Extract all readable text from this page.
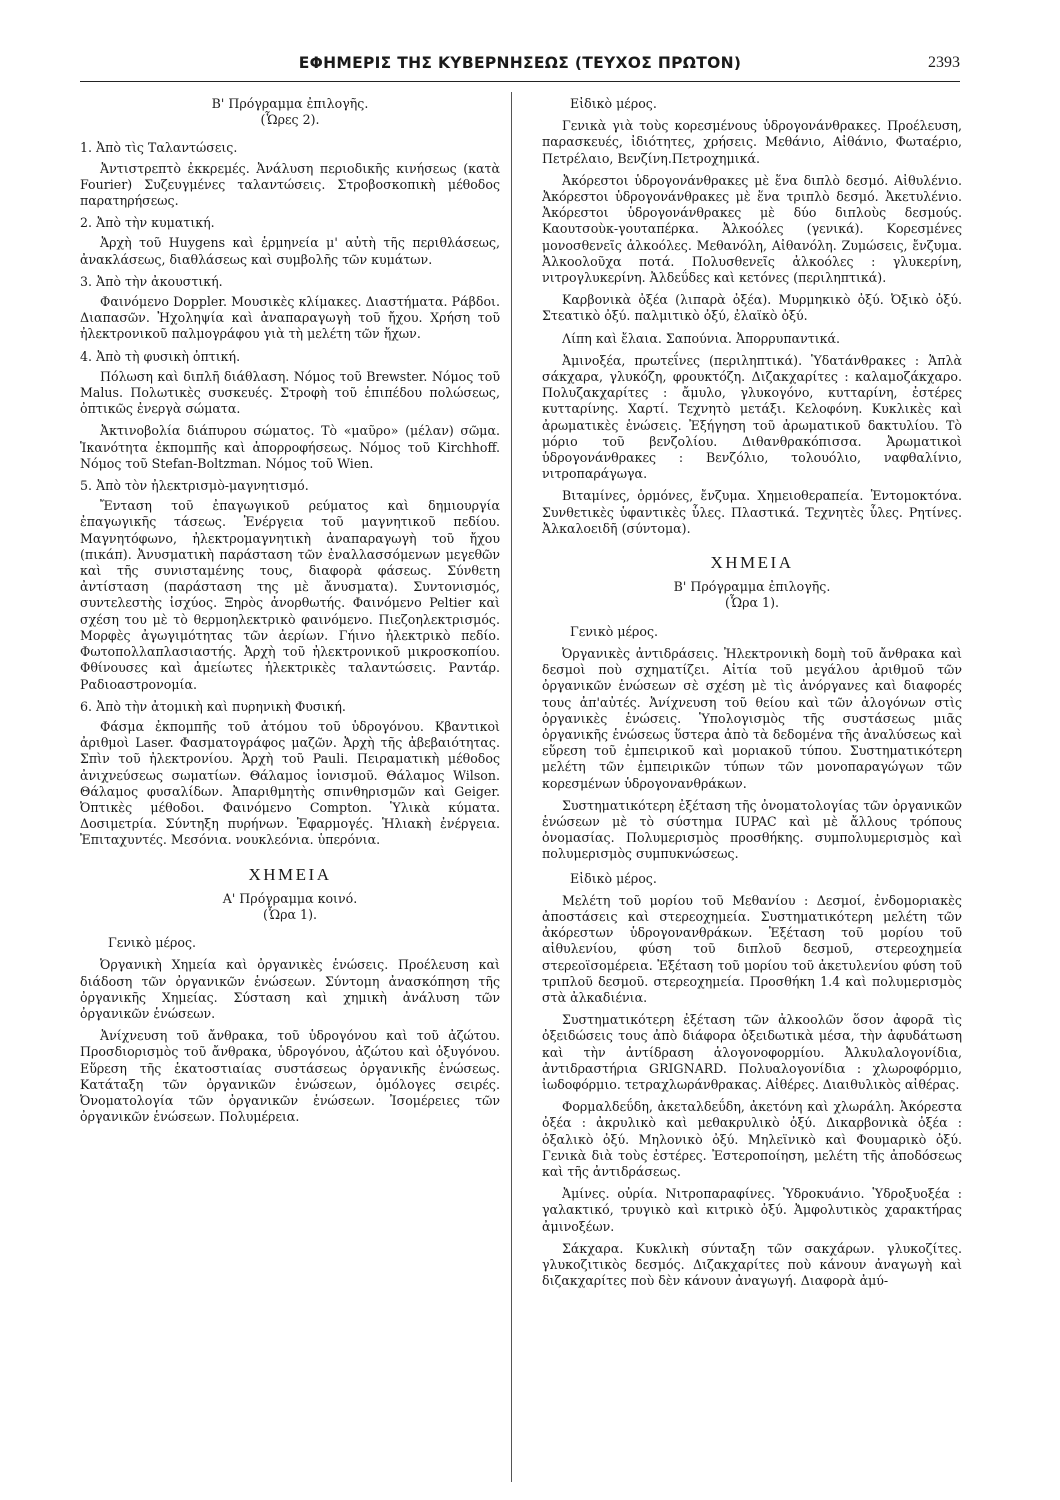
ΕΦΗΜΕΡΙΣ ΤΗΣ ΚΥΒΕΡΝΗΣΕΩΣ (ΤΕΥΧΟΣ ΠΡΩΤΟΝ)	2393

Β' Πρόγραμμα ἐπιλογῆς.

(Ὧρες 2).

1. Ἀπὸ τὶς Ταλαντώσεις.

Ἀντιστρεπτὸ ἐκκρεμές. Ἀνάλυση περιοδικῆς κινήσεως (κατὰ Fourier) Συζευγμένες ταλαντώσεις. Στροβοσκοπικὴ μέθοδος παρατηρήσεως.

2. Ἀπὸ τὴν κυματική.

Ἀρχὴ τοῦ Huygens καὶ ἑρμηνεία μ' αὐτὴ τῆς περιθλάσεως, ἀνακλάσεως, διαθλάσεως καὶ συμβολῆς τῶν κυμάτων.

3. Ἀπὸ τὴν ἀκουστική.

Φαινόμενο Doppler. Μουσικὲς κλίμακες. Διαστήματα. Ράβδοι. Διαπασῶν. Ἠχοληψία καὶ ἀναπαραγωγὴ τοῦ ἤχου. Χρήση τοῦ ἠλεκτρονικοῦ παλμογράφου γιὰ τὴ μελέτη τῶν ἤχων.

4. Ἀπὸ τὴ φυσικὴ ὀπτική.

Πόλωση καὶ διπλῆ διάθλαση. Νόμος τοῦ Brewster. Νόμος τοῦ Malus. Πολωτικὲς συσκευές. Στροφὴ τοῦ ἐπιπέδου πολώσεως, ὀπτικῶς ἐνεργὰ σώματα.

Ἀκτινοβολία διάπυρου σώματος. Τὸ «μαῦρο» (μέλαν) σῶμα. Ἱκανότητα ἐκπομπῆς καὶ ἀπορροφήσεως. Νόμος τοῦ Kirchhoff. Νόμος τοῦ Stefan-Boltzman. Νόμος τοῦ Wien.

5. Ἀπὸ τὸν ἠλεκτρισμὸ-μαγνητισμό.

Ἔνταση τοῦ ἐπαγωγικοῦ ρεύματος καὶ δημιουργία ἐπαγωγικῆς τάσεως. Ἐνέργεια τοῦ μαγνητικοῦ πεδίου. Μαγνητόφωνο, ἠλεκτρομαγνητικὴ ἀναπαραγωγὴ τοῦ ἤχου (πικάπ). Ἀνυσματικὴ παράσταση τῶν ἐναλλασσόμενων μεγεθῶν καὶ τῆς συνισταμένης τους, διαφορὰ φάσεως. Σύνθετη ἀντίσταση (παράσταση της μὲ ἄνυσματα). Συντονισμός, συντελεστὴς ἰσχύος. Ξηρὸς ἀνορθωτής. Φαινόμενο Peltier καὶ σχέση του μὲ τὸ θερμοηλεκτρικὸ φαινόμενο. Πιεζοηλεκτρισμός. Μορφὲς ἀγωγιμότητας τῶν ἀερίων. Γήινο ἠλεκτρικὸ πεδίο. Φωτοπολλαπλασιαστής. Ἀρχὴ τοῦ ἠλεκτρονικοῦ μικροσκοπίου. Φθίνουσες καὶ ἀμείωτες ἠλεκτρικὲς ταλαντώσεις. Ραντάρ. Ραδιοαστρονομία.

6. Ἀπὸ τὴν ἀτομικὴ καὶ πυρηνικὴ Φυσική.

Φάσμα ἐκπομπῆς τοῦ ἀτόμου τοῦ ὑδρογόνου. Κβαντικοὶ ἀριθμοὶ Laser. Φασματογράφος μαζῶν. Ἀρχὴ τῆς ἀβεβαιότητας. Σπὶν τοῦ ἠλεκτρονίου. Ἀρχὴ τοῦ Pauli. Πειραματικὴ μέθοδος ἀνιχνεύσεως σωματίων. Θάλαμος ἰονισμοῦ. Θάλαμος Wilson. Θάλαμος φυσαλίδων. Ἀπαριθμητὴς σπινθηρισμῶν καὶ Geiger. Ὀπτικὲς μέθοδοι. Φαινόμενο Compton. Ὑλικὰ κύματα. Δοσιμετρία. Σύντηξη πυρήνων. Ἐφαρμογές. Ἡλιακὴ ἐνέργεια. Ἐπιταχυντές. Μεσόνια. νουκλεόνια. ὑπερόνια.

ΧΗΜΕΙΑ

Α' Πρόγραμμα κοινό.

(Ὧρα 1).

Γενικὸ μέρος.

Ὀργανικὴ Χημεία καὶ ὀργανικὲς ἑνώσεις. Προέλευση καὶ διάδοση τῶν ὀργανικῶν ἑνώσεων. Σύντομη ἀνασκόπηση τῆς ὀργανικῆς Χημείας. Σύσταση καὶ χημικὴ ἀνάλυση τῶν ὀργανικῶν ἑνώσεων.

Ἀνίχνευση τοῦ ἄνθρακα, τοῦ ὑδρογόνου καὶ τοῦ ἀζώτου. Προσδιορισμὸς τοῦ ἄνθρακα, ὑδρογόνου, ἀζώτου καὶ ὀξυγόνου. Εὕρεση τῆς ἑκατοστιαίας συστάσεως ὀργανικῆς ἑνώσεως. Κατάταξη τῶν ὀργανικῶν ἑνώσεων, ὁμόλογες σειρές. Ὀνοματολογία τῶν ὀργανικῶν ἑνώσεων. Ἰσομέρειες τῶν ὀργανικῶν ἑνώσεων. Πολυμέρεια.

Εἰδικὸ μέρος.

Γενικὰ γιὰ τοὺς κορεσμένους ὑδρογονάνθρακες. Προέλευση, παρασκευές, ἰδιότητες, χρήσεις. Μεθάνιο, Αἰθάνιο, Φωταέριο, Πετρέλαιο, Βενζίνη.Πετροχημικά.

Ἀκόρεστοι ὑδρογονάνθρακες μὲ ἕνα διπλὸ δεσμό. Αἰθυλένιο. Ἀκόρεστοι ὑδρογονάνθρακες μὲ ἕνα τριπλὸ δεσμό. Ἀκετυλένιο. Ἀκόρεστοι ὑδρογονάνθρακες μὲ δύο διπλοὺς δεσμούς. Καουτσοὺκ-γουταπέρκα. Ἀλκοόλες (γενικά). Κορεσμένες μονοσθενεῖς ἀλκοόλες. Μεθανόλη, Αἰθανόλη. Ζυμώσεις, ἔνζυμα. Ἀλκοολοῦχα ποτά. Πολυσθενεῖς ἀλκοόλες : γλυκερίνη, νιτρογλυκερίνη. Ἀλδεΰδες καὶ κετόνες (περιληπτικά).

Καρβονικὰ ὀξέα (λιπαρὰ ὀξέα). Μυρμηκικὸ ὀξύ. Ὀξικὸ ὀξύ. Στεατικὸ ὀξύ. παλμιτικὸ ὀξύ, ἐλαϊκὸ ὀξύ.

Λίπη καὶ ἔλαια. Σαπούνια. Ἀπορρυπαντικά.

Ἀμινοξέα, πρωτεΐνες (περιληπτικά). Ὑδατάνθρακες : Ἁπλὰ σάκχαρα, γλυκόζη, φρουκτόζη. Διζακχαρίτες : καλαμοζάκχαρο. Πολυζακχαρίτες : ἄμυλο, γλυκογόνο, κυτταρίνη, ἐστέρες κυτταρίνης. Χαρτί. Τεχνητὸ μετάξι. Κελοφόνη. Κυκλικὲς καὶ ἀρωματικὲς ἑνώσεις. Ἐξήγηση τοῦ ἀρωματικοῦ δακτυλίου. Τὸ μόριο τοῦ βενζολίου. Διθανθρακόπισσα. Ἀρωματικοὶ ὑδρογονάνθρακες : Βενζόλιο, τολουόλιο, ναφθαλίνιο, νιτροπαράγωγα.

Βιταμίνες, ὁρμόνες, ἔνζυμα. Χημειοθεραπεία. Ἐντομοκτόνα. Συνθετικὲς ὑφαντικὲς ὗλες. Πλαστικά. Τεχνητὲς ὗλες. Ρητίνες. Ἀλκαλοειδῆ (σύντομα).

ΧΗΜΕΙΑ

Β' Πρόγραμμα ἐπιλογῆς.

(Ὧρα 1).

Γενικὸ μέρος.

Ὀργανικὲς ἀντιδράσεις. Ἠλεκτρονικὴ δομὴ τοῦ ἄνθρακα καὶ δεσμοὶ ποὺ σχηματίζει. Αἰτία τοῦ μεγάλου ἀριθμοῦ τῶν ὀργανικῶν ἑνώσεων σὲ σχέση μὲ τὶς ἀνόργανες καὶ διαφορές τους ἀπ'αὐτές. Ἀνίχνευση τοῦ θείου καὶ τῶν ἀλογόνων στὶς ὀργανικὲς ἑνώσεις. Ὑπολογισμὸς τῆς συστάσεως μιᾶς ὀργανικῆς ἑνώσεως ὕστερα ἀπὸ τὰ δεδομένα τῆς ἀναλύσεως καὶ εὕρεση τοῦ ἐμπειρικοῦ καὶ μοριακοῦ τύπου. Συστηματικότερη μελέτη τῶν ἐμπειρικῶν τύπων τῶν μονοπαραγώγων τῶν κορεσμένων ὑδρογονανθράκων.

Συστηματικότερη ἐξέταση τῆς ὀνοματολογίας τῶν ὀργανικῶν ἑνώσεων μὲ τὸ σύστημα IUPAC καὶ μὲ ἄλλους τρόπους ὀνομασίας. Πολυμερισμὸς προσθήκης. συμπολυμερισμὸς καὶ πολυμερισμὸς συμπυκνώσεως.

Εἰδικὸ μέρος.

Μελέτη τοῦ μορίου τοῦ Μεθανίου : Δεσμοί, ἐνδομοριακὲς ἀποστάσεις καὶ στερεοχημεία. Συστηματικότερη μελέτη τῶν ἀκόρεστων ὑδρογονανθράκων. Ἐξέταση τοῦ μορίου τοῦ αἰθυλενίου, φύση τοῦ διπλοῦ δεσμοῦ, στερεοχημεία στερεοϊσομέρεια. Ἐξέταση τοῦ μορίου τοῦ ἀκετυλενίου φύση τοῦ τριπλοῦ δεσμοῦ. στερεοχημεία. Προσθήκη 1.4 καὶ πολυμερισμὸς στὰ ἀλκαδιένια.

Συστηματικότερη ἐξέταση τῶν ἀλκοολῶν ὅσον ἀφορᾶ τὶς ὀξειδώσεις τους ἀπὸ διάφορα ὀξειδωτικὰ μέσα, τὴν ἀφυδάτωση καὶ τὴν ἀντίδραση ἀλογονοφορμίου. Ἀλκυλαλογονίδια, ἀντιδραστήρια GRIGNARD. Πολυαλογονίδια : χλωροφόρμιο, ἰωδοφόρμιο. τετραχλωράνθρακας. Αἰθέρες. Διαιθυλικὸς αἰθέρας.

Φορμαλδεΰδη, ἀκεταλδεΰδη, ἀκετόνη καὶ χλωράλη. Ἀκόρεστα ὀξέα : ἀκρυλικὸ καὶ μεθακρυλικὸ ὀξύ. Δικαρβονικὰ ὀξέα : ὀξαλικὸ ὀξύ. Μηλονικὸ ὀξύ. Μηλεϊνικὸ καὶ Φουμαρικὸ ὀξύ. Γενικὰ διὰ τοὺς ἐστέρες. Ἐστεροποίηση, μελέτη τῆς ἀποδόσεως καὶ τῆς ἀντιδράσεως.

Ἀμίνες. οὐρία. Νιτροπαραφίνες. Ὑδροκυάνιο. Ὑδροξυοξέα : γαλακτικό, τρυγικὸ καὶ κιτρικὸ ὀξύ. Ἀμφολυτικὸς χαρακτήρας ἀμινοξέων.

Σάκχαρα. Κυκλικὴ σύνταξη τῶν σακχάρων. γλυκοζίτες. γλυκοζιτικὸς δεσμός. Διζακχαρίτες ποὺ κάνουν ἀναγωγὴ καὶ διζακχαρίτες ποὺ δὲν κάνουν ἀναγωγή. Διαφορὰ ἀμύ-
